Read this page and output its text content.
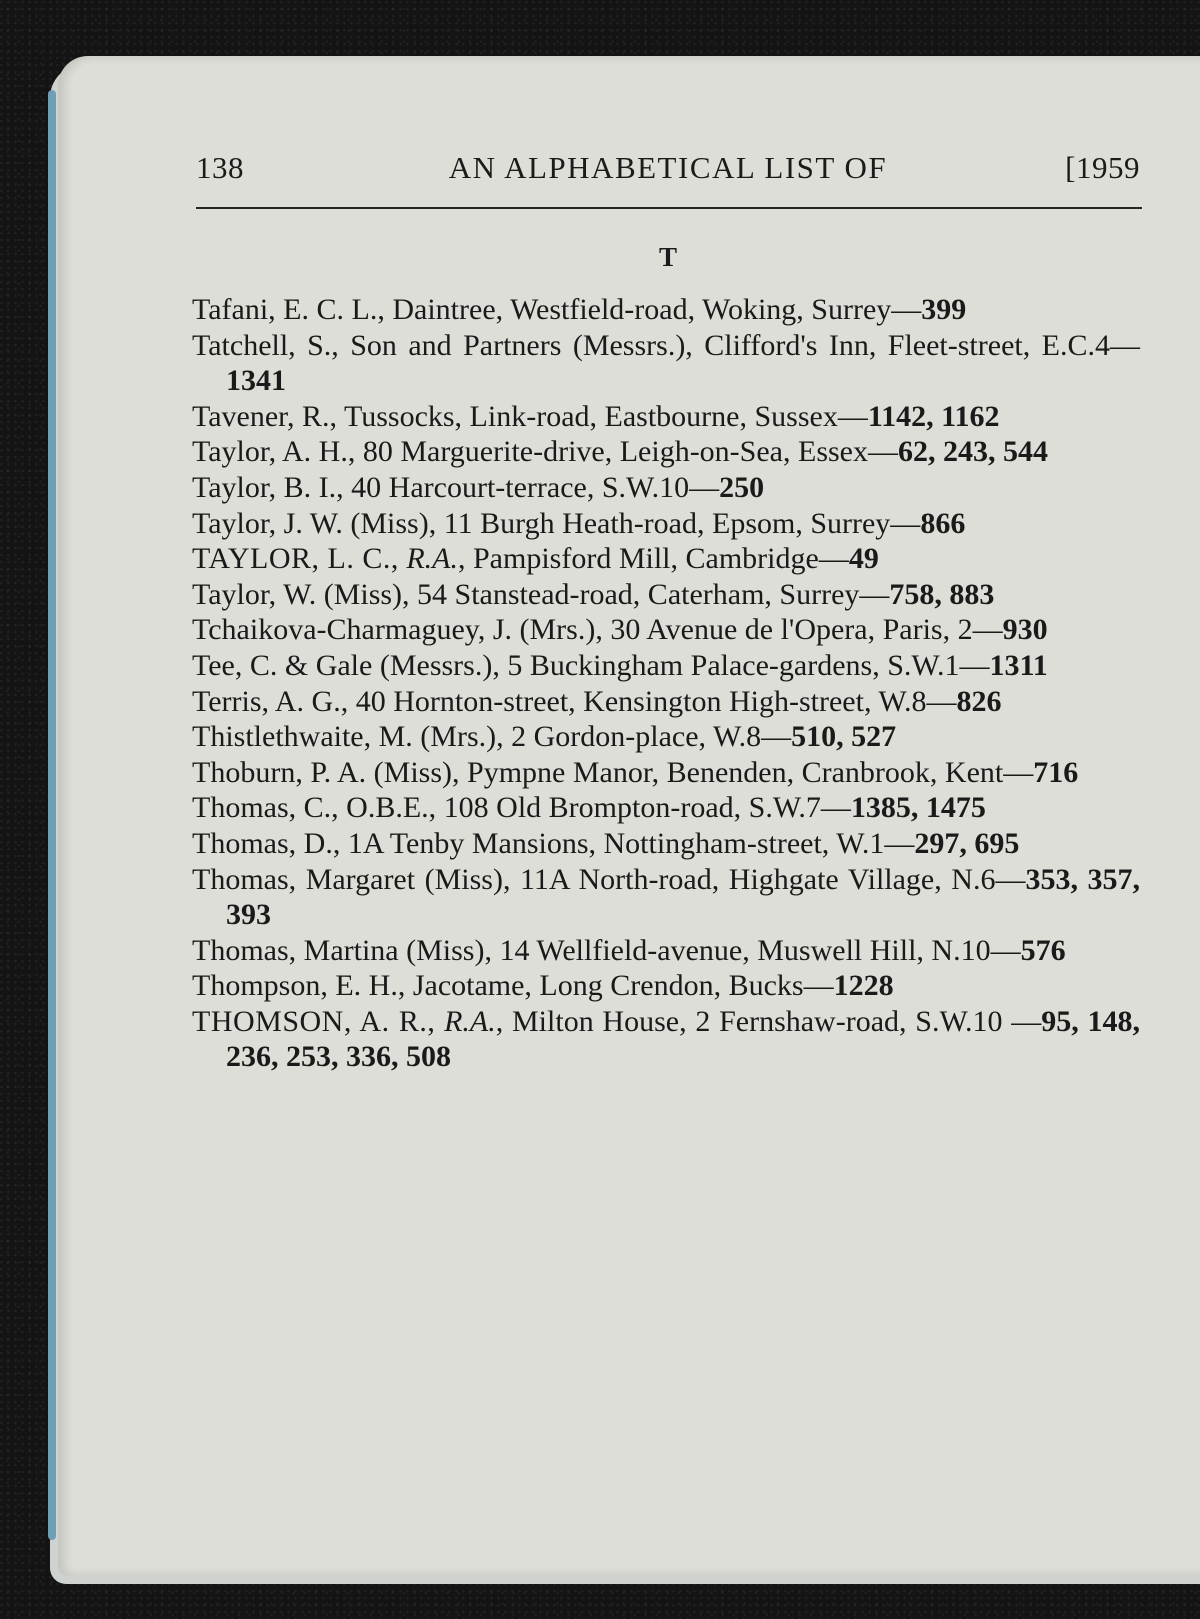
138	AN ALPHABETICAL LIST OF	[1959
T
Tafani, E. C. L., Daintree, Westfield-road, Woking, Surrey—399
Tatchell, S., Son and Partners (Messrs.), Clifford's Inn, Fleet-street, E.C.4—1341
Tavener, R., Tussocks, Link-road, Eastbourne, Sussex—1142, 1162
Taylor, A. H., 80 Marguerite-drive, Leigh-on-Sea, Essex—62, 243, 544
Taylor, B. I., 40 Harcourt-terrace, S.W.10—250
Taylor, J. W. (Miss), 11 Burgh Heath-road, Epsom, Surrey—866
TAYLOR, L. C., R.A., Pampisford Mill, Cambridge—49
Taylor, W. (Miss), 54 Stanstead-road, Caterham, Surrey—758, 883
Tchaikova-Charmaguey, J. (Mrs.), 30 Avenue de l'Opera, Paris, 2—930
Tee, C. & Gale (Messrs.), 5 Buckingham Palace-gardens, S.W.1—1311
Terris, A. G., 40 Hornton-street, Kensington High-street, W.8—826
Thistlethwaite, M. (Mrs.), 2 Gordon-place, W.8—510, 527
Thoburn, P. A. (Miss), Pympne Manor, Benenden, Cranbrook, Kent—716
Thomas, C., O.B.E., 108 Old Brompton-road, S.W.7—1385, 1475
Thomas, D., 1A Tenby Mansions, Nottingham-street, W.1—297, 695
Thomas, Margaret (Miss), 11A North-road, Highgate Village, N.6—353, 357, 393
Thomas, Martina (Miss), 14 Wellfield-avenue, Muswell Hill, N.10—576
Thompson, E. H., Jacotame, Long Crendon, Bucks—1228
THOMSON, A. R., R.A., Milton House, 2 Fernshaw-road, S.W.10 —95, 148, 236, 253, 336, 508
